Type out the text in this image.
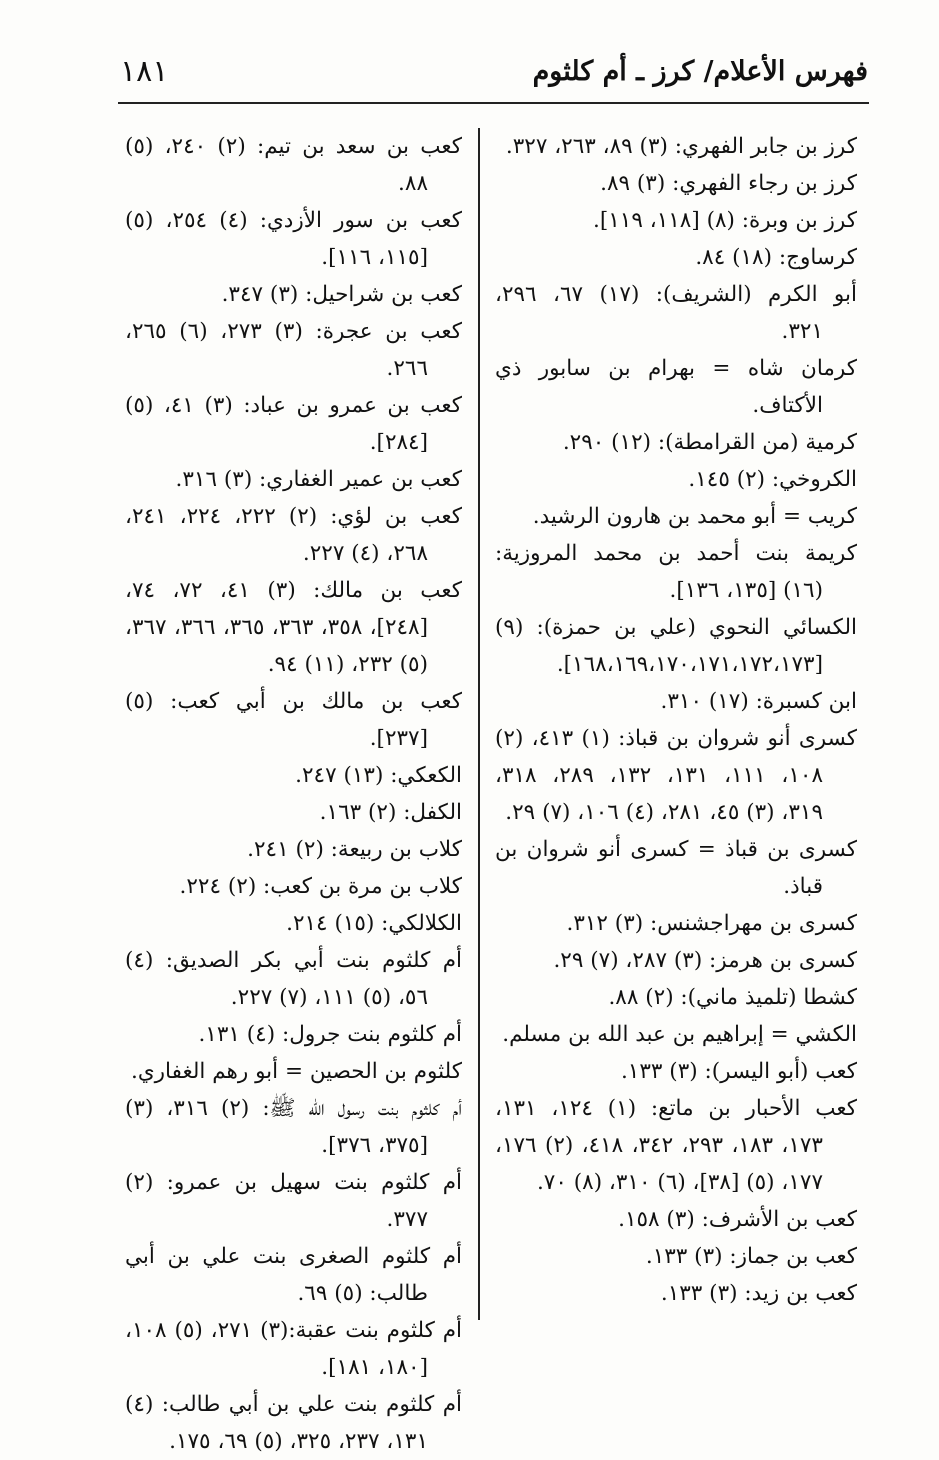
فهرس الأعلام/ كرز ـ أم كلثوم
١٨١
كرز بن جابر الفهري: (٣) ٨٩، ٢٦٣، ٣٢٧.
كرز بن رجاء الفهري: (٣) ٨٩.
كرز بن وبرة: (٨) [١١٨، ١١٩].
كرساوج: (١٨) ٨٤.
أبو الكرم (الشريف): (١٧) ٦٧، ٢٩٦، ٣٢١.
كرمان شاه = بهرام بن سابور ذي الأكتاف.
كرمية (من القرامطة): (١٢) ٢٩٠.
الكروخي: (٢) ١٤٥.
كريب = أبو محمد بن هارون الرشيد.
كريمة بنت أحمد بن محمد المروزية: (١٦) [١٣٥، ١٣٦].
الكسائي النحوي (علي بن حمزة): (٩) [١٦٨،١٦٩،١٧٠،١٧١،١٧٢،١٧٣].
ابن كسبرة: (١٧) ٣١٠.
كسرى أنو شروان بن قباذ: (١) ٤١٣، (٢) ١٠٨، ١١١، ١٣١، ١٣٢، ٢٨٩، ٣١٨، ٣١٩، (٣) ٤٥، ٢٨١، (٤) ١٠٦، (٧) ٢٩.
كسرى بن قباذ = كسرى أنو شروان بن قباذ.
كسرى بن مهراجشنس: (٣) ٣١٢.
كسرى بن هرمز: (٣) ٢٨٧، (٧) ٢٩.
كشطا (تلميذ ماني): (٢) ٨٨.
الكشي = إبراهيم بن عبد الله بن مسلم.
كعب (أبو اليسر): (٣) ١٣٣.
كعب الأحبار بن ماتع: (١) ١٢٤، ١٣١، ١٧٣، ١٨٣، ٢٩٣، ٣٤٢، ٤١٨، (٢) ١٧٦، ١٧٧، (٥) [٣٨]، (٦) ٣١٠، (٨) ٧٠.
كعب بن الأشرف: (٣) ١٥٨.
كعب بن جماز: (٣) ١٣٣.
كعب بن زيد: (٣) ١٣٣.
كعب بن سعد بن تيم: (٢) ٢٤٠، (٥) ٨٨.
كعب بن سور الأزدي: (٤) ٢٥٤، (٥) [١١٥، ١١٦].
كعب بن شراحيل: (٣) ٣٤٧.
كعب بن عجرة: (٣) ٢٧٣، (٦) ٢٦٥، ٢٦٦.
كعب بن عمرو بن عباد: (٣) ٤١، (٥) [٢٨٤].
كعب بن عمير الغفاري: (٣) ٣١٦.
كعب بن لؤي: (٢) ٢٢٢، ٢٢٤، ٢٤١، ٢٦٨، (٤) ٢٢٧.
كعب بن مالك: (٣) ٤١، ٧٢، ٧٤، [٢٤٨]، ٣٥٨، ٣٦٣، ٣٦٥، ٣٦٦، ٣٦٧، (٥) ٢٣٢، (١١) ٩٤.
كعب بن مالك بن أبي كعب: (٥) [٢٣٧].
الكعكي: (١٣) ٢٤٧.
الكفل: (٢) ١٦٣.
كلاب بن ربيعة: (٢) ٢٤١.
كلاب بن مرة بن كعب: (٢) ٢٢٤.
الكلالكي: (١٥) ٢١٤.
أم كلثوم بنت أبي بكر الصديق: (٤) ٥٦، (٥) ١١١، (٧) ٢٢٧.
أم كلثوم بنت جرول: (٤) ١٣١.
كلثوم بن الحصين = أبو رهم الغفاري.
أم كلثوم بنت رسول الله ﷺ: (٢) ٣١٦، (٣) [٣٧٥، ٣٧٦].
أم كلثوم بنت سهيل بن عمرو: (٢) ٣٧٧.
أم كلثوم الصغرى بنت علي بن أبي طالب: (٥) ٦٩.
أم كلثوم بنت عقبة:(٣) ٢٧١، (٥) ١٠٨، [١٨٠، ١٨١].
أم كلثوم بنت علي بن أبي طالب: (٤) ١٣١، ٢٣٧، ٣٢٥، (٥) ٦٩، ١٧٥.
